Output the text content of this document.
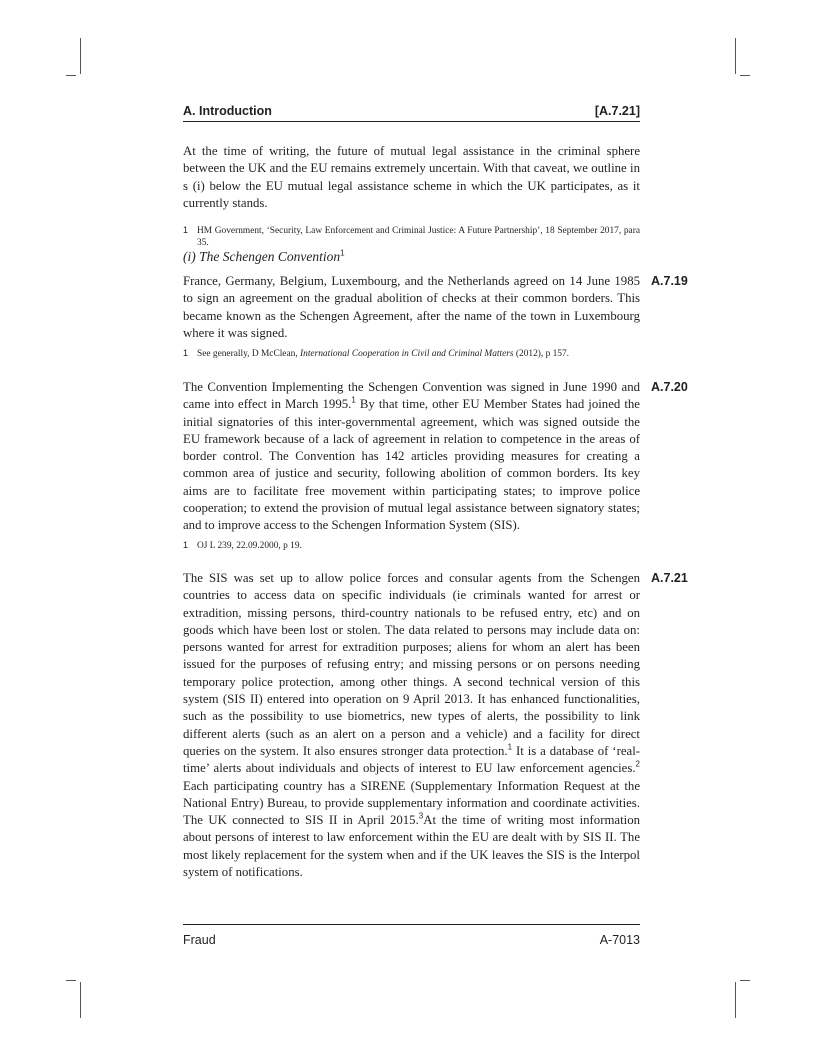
A. Introduction	[A.7.21]

At the time of writing, the future of mutual legal assistance in the criminal sphere between the UK and the EU remains extremely uncertain. With that caveat, we outline in s (i) below the EU mutual legal assistance scheme in which the UK participates, as it currently stands.

1 HM Government, ‘Security, Law Enforcement and Criminal Justice: A Future Partnership’, 18 September 2017, para 35.

(i) The Schengen Convention$^1$

A.7.19

France, Germany, Belgium, Luxembourg, and the Netherlands agreed on 14 June 1985 to sign an agreement on the gradual abolition of checks at their common borders. This became known as the Schengen Agreement, after the name of the town in Luxembourg where it was signed.

1 See generally, D McClean, International Cooperation in Civil and Criminal Matters (2012), p 157.

A.7.20

The Convention Implementing the Schengen Convention was signed in June 1990 and came into effect in March 1995.$^1$ By that time, other EU Member States had joined the initial signatories of this inter-governmental agreement, which was signed outside the EU framework because of a lack of agreement in relation to competence in the areas of border control. The Convention has 142 articles providing measures for creating a common area of justice and security, following abolition of common borders. Its key aims are to facilitate free movement within participating states; to improve police cooperation; to extend the provision of mutual legal assistance between signatory states; and to improve access to the Schengen Information System (SIS).

1 OJ L 239, 22.09.2000, p 19.

A.7.21

The SIS was set up to allow police forces and consular agents from the Schengen countries to access data on specific individuals (ie criminals wanted for arrest or extradition, missing persons, third-country nationals to be refused entry, etc) and on goods which have been lost or stolen. The data related to persons may include data on: persons wanted for arrest for extradition purposes; aliens for whom an alert has been issued for the purposes of refusing entry; and missing persons or on persons needing temporary police protection, among other things. A second technical version of this system (SIS II) entered into operation on 9 April 2013. It has enhanced functionalities, such as the possibility to use biometrics, new types of alerts, the possibility to link different alerts (such as an alert on a person and a vehicle) and a facility for direct queries on the system. It also ensures stronger data protection.$^1$ It is a database of ‘real-time’ alerts about individuals and objects of interest to EU law enforcement agencies.$^2$ Each participating country has a SIRENE (Supplementary Information Request at the National Entry) Bureau, to provide supplementary information and coordinate activities. The UK connected to SIS II in April 2015.$^3$At the time of writing most information about persons of interest to law enforcement within the EU are dealt with by SIS II. The most likely replacement for the system when and if the UK leaves the SIS is the Interpol system of notifications.

Fraud	A-7013
